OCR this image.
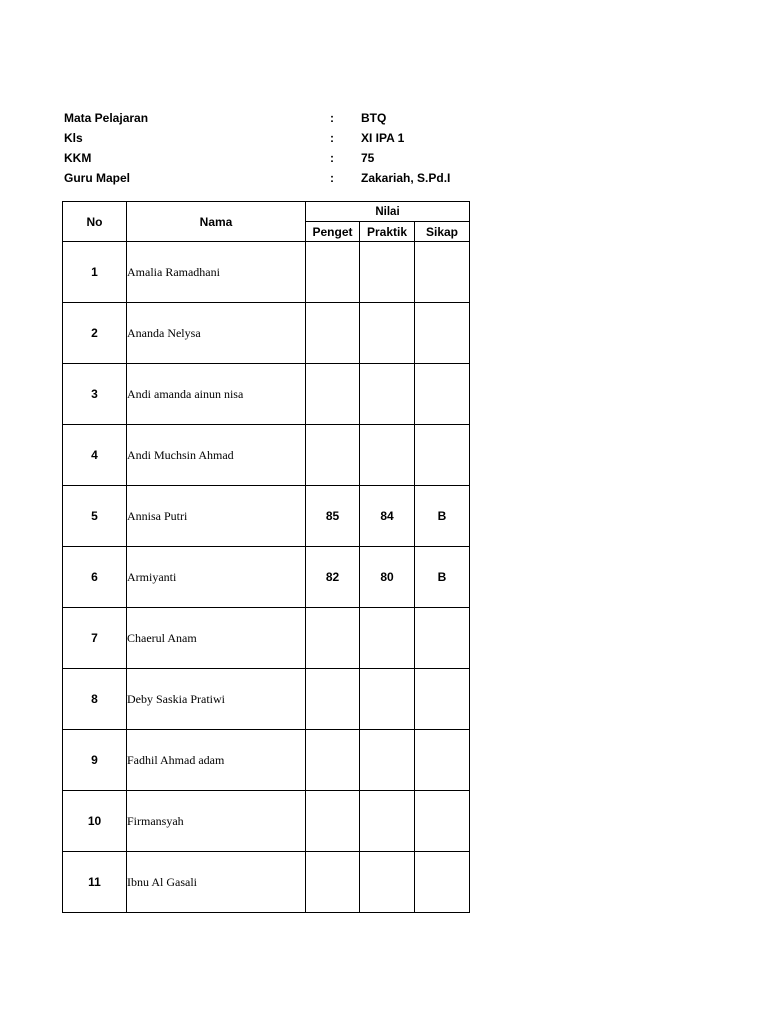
Mata Pelajaran	: BTQ
Kls	: XI IPA 1
KKM	: 75
Guru Mapel	: Zakariah, S.Pd.I
No	Nama	Nilai		
		Penget	Praktik	Sikap
1	Amalia Ramadhani			
2	Ananda Nelysa			
3	Andi amanda ainun nisa			
4	Andi Muchsin Ahmad			
5	Annisa Putri	85	84	B
6	Armiyanti	82	80	B
7	Chaerul Anam			
8	Deby Saskia Pratiwi			
9	Fadhil Ahmad adam			
10	Firmansyah			
11	Ibnu Al Gasali			
